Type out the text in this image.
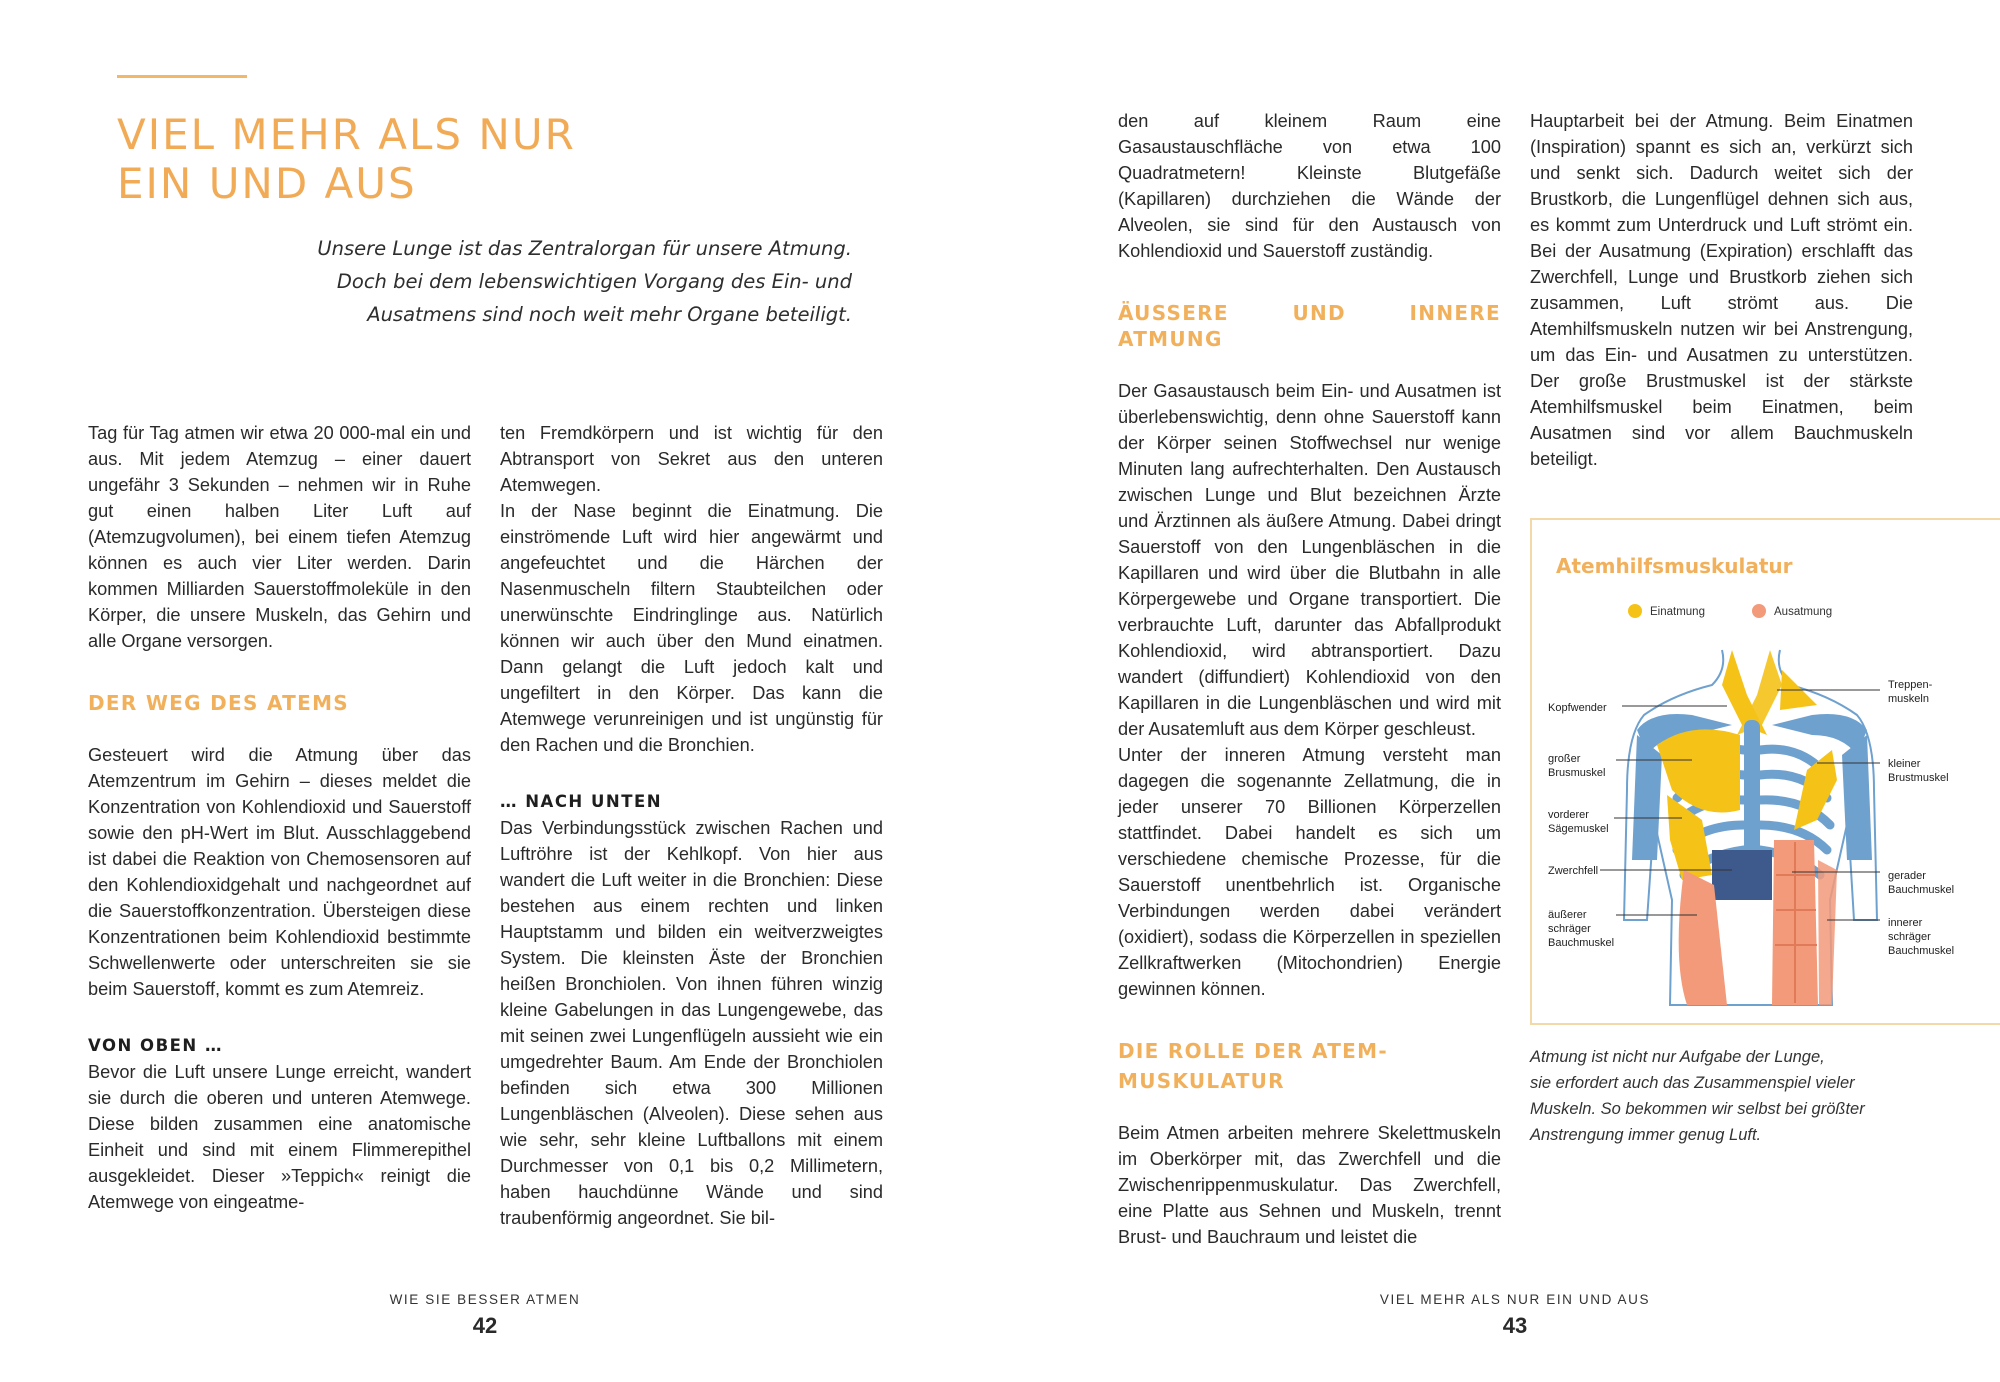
VIEL MEHR ALS NUR
EIN UND AUS
Unsere Lunge ist das Zentralorgan für unsere Atmung.
Doch bei dem lebenswichtigen Vorgang des Ein- und
Ausatmens sind noch weit mehr Organe beteiligt.

Tag für Tag atmen wir etwa 20 000-mal ein und aus. Mit jedem Atemzug – einer dauert ungefähr 3 Sekunden – nehmen wir in Ruhe gut einen halben Liter Luft auf (Atemzugvolumen), bei einem tiefen Atemzug können es auch vier Liter werden. Darin kommen Milliarden Sauerstoffmoleküle in den Körper, die unsere Muskeln, das Gehirn und alle Organe versorgen.

DER WEG DES ATEMS

Gesteuert wird die Atmung über das Atemzentrum im Gehirn – dieses meldet die Konzentration von Kohlendioxid und Sauerstoff sowie den pH-Wert im Blut. Ausschlaggebend ist dabei die Reaktion von Chemosensoren auf den Kohlendioxidgehalt und nachgeordnet auf die Sauerstoffkonzentration. Übersteigen diese Konzentrationen beim Kohlendioxid bestimmte Schwellenwerte oder unterschreiten sie sie beim Sauerstoff, kommt es zum Atemreiz.

VON OBEN …

Bevor die Luft unsere Lunge erreicht, wandert sie durch die oberen und unteren Atemwege. Diese bilden zusammen eine anatomische Einheit und sind mit einem Flimmerepithel ausgekleidet. Dieser »Teppich« reinigt die Atemwege von eingeatme-

ten Fremdkörpern und ist wichtig für den Abtransport von Sekret aus den unteren Atemwegen.

In der Nase beginnt die Einatmung. Die einströmende Luft wird hier angewärmt und angefeuchtet und die Härchen der Nasenmuscheln filtern Staubteilchen oder unerwünschte Eindringlinge aus. Natürlich können wir auch über den Mund einatmen. Dann gelangt die Luft jedoch kalt und ungefiltert in den Körper. Das kann die Atemwege verunreinigen und ist ungünstig für den Rachen und die Bronchien.

… NACH UNTEN

Das Verbindungsstück zwischen Rachen und Luftröhre ist der Kehlkopf. Von hier aus wandert die Luft weiter in die Bronchien: Diese bestehen aus einem rechten und linken Hauptstamm und bilden ein weitverzweigtes System. Die kleinsten Äste der Bronchien heißen Bronchiolen. Von ihnen führen winzig kleine Gabelungen in das Lungengewebe, das mit seinen zwei Lungenflügeln aussieht wie ein umgedrehter Baum. Am Ende der Bronchiolen befinden sich etwa 300 Millionen Lungenbläschen (Alveolen). Diese sehen aus wie sehr, sehr kleine Luftballons mit einem Durchmesser von 0,1 bis 0,2 Millimetern, haben hauchdünne Wände und sind traubenförmig angeordnet. Sie bil-

WIE SIE BESSER ATMEN
42

den auf kleinem Raum eine Gasaustauschfläche von etwa 100 Quadratmetern! Kleinste Blutgefäße (Kapillaren) durchziehen die Wände der Alveolen, sie sind für den Austausch von Kohlendioxid und Sauerstoff zuständig.

ÄUSSERE UND INNERE ATMUNG

Der Gasaustausch beim Ein- und Ausatmen ist überlebenswichtig, denn ohne Sauerstoff kann der Körper seinen Stoffwechsel nur wenige Minuten lang aufrechterhalten. Den Austausch zwischen Lunge und Blut bezeichnen Ärzte und Ärztinnen als äußere Atmung. Dabei dringt Sauerstoff von den Lungenbläschen in die Kapillaren und wird über die Blutbahn in alle Körpergewebe und Organe transportiert. Die verbrauchte Luft, darunter das Abfallprodukt Kohlendioxid, wird abtransportiert. Dazu wandert (diffundiert) Kohlendioxid von den Kapillaren in die Lungenbläschen und wird mit der Ausatemluft aus dem Körper geschleust.

Unter der inneren Atmung versteht man dagegen die sogenannte Zellatmung, die in jeder unserer 70 Billionen Körperzellen stattfindet. Dabei handelt es sich um verschiedene chemische Prozesse, für die Sauerstoff unentbehrlich ist. Organische Verbindungen werden dabei verändert (oxidiert), sodass die Körperzellen in speziellen Zellkraftwerken (Mitochondrien) Energie gewinnen können.

DIE ROLLE DER ATEM-
MUSKULATUR

Beim Atmen arbeiten mehrere Skelettmuskeln im Oberkörper mit, das Zwerchfell und die Zwischenrippenmuskulatur. Das Zwerchfell, eine Platte aus Sehnen und Muskeln, trennt Brust- und Bauchraum und leistet die

Hauptarbeit bei der Atmung. Beim Einatmen (Inspiration) spannt es sich an, verkürzt sich und senkt sich. Dadurch weitet sich der Brustkorb, die Lungenflügel dehnen sich aus, es kommt zum Unterdruck und Luft strömt ein. Bei der Ausatmung (Expiration) erschlafft das Zwerchfell, Lunge und Brustkorb ziehen sich zusammen, Luft strömt aus. Die Atemhilfsmuskeln nutzen wir bei Anstrengung, um das Ein- und Ausatmen zu unterstützen. Der große Brustmuskel ist der stärkste Atemhilfsmuskel beim Einatmen, beim Ausatmen sind vor allem Bauchmuskeln beteiligt.

Atemhilfsmuskulatur
Einatmung	Ausatmung
Kopfwender
großer
Brusmuskel
vorderer
Sägemuskel
Zwerchfell
äußerer
schräger
Bauchmuskel
Treppen-
muskeln
kleiner
Brustmuskel
gerader
Bauchmuskel
innerer
schräger
Bauchmuskel
Atmung ist nicht nur Aufgabe der Lunge,
sie erfordert auch das Zusammenspiel vieler
Muskeln. So bekommen wir selbst bei größter
Anstrengung immer genug Luft.
VIEL MEHR ALS NUR EIN UND AUS
43
